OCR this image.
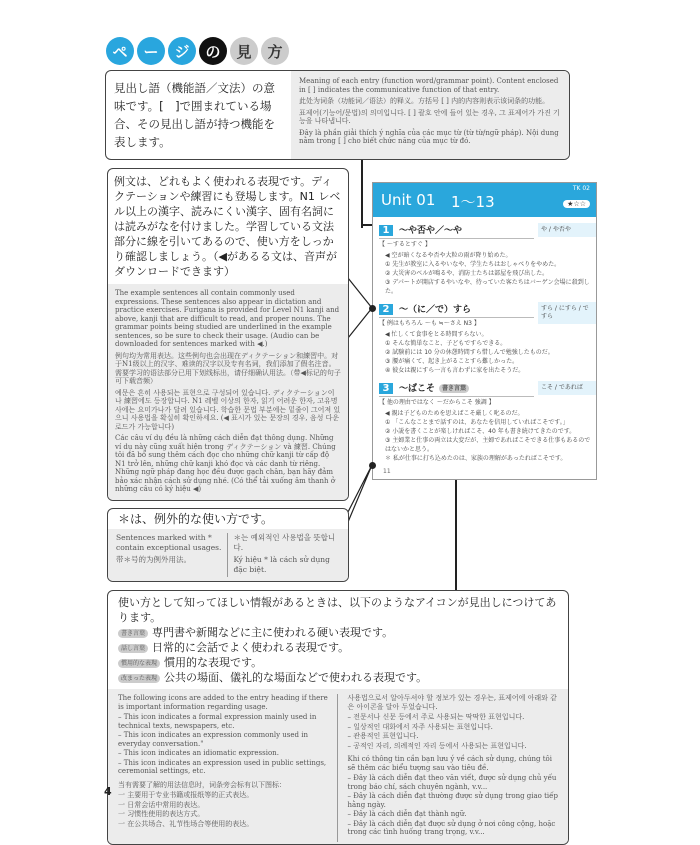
ペ	ー	ジ	の	見	方
見出し語（機能語／文法）の意味です。[　]で囲まれている場合、その見出し語が持つ機能を表します。

Meaning of each entry (function word/grammar point). Content enclosed in [ ] indicates the communicative function of that entry.

此处为词条（功能词／语法）的释义。方括号 [ ] 内的内容则表示该词条的功能。

표제어(기능어/문법)의 의미입니다. [ ] 괄호 안에 들어 있는 경우, 그 표제어가 가진 기능을 나타냅니다.

Đây là phần giải thích ý nghĩa của các mục từ (từ từ/ngữ pháp). Nội dung nằm trong [ ] cho biết chức năng của mục từ đó.

例文は、どれもよく使われる表現です。ディクテーションや練習にも登場します。N1 レベル以上の漢字、読みにくい漢字、固有名詞には読みがなを付けました。学習している文法部分に線を引いてあるので、使い方をしっかり確認しましょう。（◀があるる文は、音声がダウンロードできます）

The example sentences all contain commonly used expressions. These sentences also appear in dictation and practice exercises. Furigana is provided for Level N1 kanji and above, kanji that are difficult to read, and proper nouns. The grammar points being studied are underlined in the example sentences, so be sure to check their usage. (Audio can be downloaded for sentences marked with ◀.)

例句均为常用表达。这些例句也会出现在ディクテーション和練習中。对于N1级以上的汉字、难读的汉字以及专有名词，我们添加了假名注音。需要学习的语法部分已用下划线标出，请仔细确认用法。（带◀标记的句子可下载音频）

예문은 흔히 사용되는 표현으로 구성되어 있습니다. ディクテーション이나 練習에도 등장합니다. N1 레벨 이상의 한자, 읽기 어려운 한자, 고유명사에는 요미가나가 달려 있습니다. 학습한 문법 부분에는 밑줄이 그어져 있으니 사용법을 확실히 확인하세요. (◀ 표시가 있는 문장의 경우, 음성 다운로드가 가능합니다)

Các câu ví dụ đều là những cách diễn đạt thông dụng. Những ví dụ này cũng xuất hiện trong ディクテーション và 練習. Chúng tôi đã bổ sung thêm cách đọc cho những chữ kanji từ cấp độ N1 trở lên, những chữ kanji khó đọc và các danh từ riêng. Những ngữ pháp đang học đều được gạch chân, bạn hãy đảm bảo xác nhận cách sử dụng nhé. (Có thể tải xuống âm thanh ở những câu có ký hiệu ◀)

＊は、例外的な使い方です。

Sentences marked with * contain exceptional usages.

带＊号的为例外用法。

＊는 예외적인 사용법을 뜻합니다.

Ký hiệu * là cách sử dụng đặc biệt.

使い方として知ってほしい情報があるときは、以下のようなアイコンが見出しにつけてあります。
書き言葉 専門書や新聞などに主に使われる硬い表現です。
話し言葉 日常的に会話でよく使われる表現です。
慣用的な表現 慣用的な表現です。
改まった表現 公共の場面、儀礼的な場面などで使われる表現です。
The following icons are added to the entry heading if there is important information regarding usage.
– This icon indicates a formal expression mainly used in technical texts, newspapers, etc.
– This icon indicates an expression commonly used in everyday conversation."
– This icon indicates an idiomatic expression.
– This icon indicates an expression used in public settings, ceremonial settings, etc.
当有需要了解的用法信息时，词条旁会标有以下图标：
一 主要用于专业书籍或报纸等的正式表达。
一 日常会话中常用的表达。
一 习惯性使用的表达方式。
一 在公共场合、礼节性场合等使用的表达。
사용법으로서 알아두셔야 할 정보가 있는 경우는, 표제어에 아래와 같은 아이콘을 달아 두었습니다.
– 전문서나 신문 등에서 주로 사용되는 딱딱한 표현입니다.
– 일상적인 대화에서 자주 사용되는 표현입니다.
– 관용적인 표현입니다.
– 공적인 자리, 의례적인 자리 등에서 사용되는 표현입니다.
Khi có thông tin cần bạn lưu ý về cách sử dụng, chúng tôi sẽ thêm các biểu tượng sau vào tiêu đề.
– Đây là cách diễn đạt theo văn viết, được sử dụng chủ yếu trong báo chí, sách chuyên ngành, v.v...
– Đây là cách diễn đạt thường được sử dụng trong giao tiếp hằng ngày.
– Đây là cách diễn đạt thành ngữ.
– Đây là cách diễn đạt được sử dụng ở nơi công cộng, hoặc trong các tình huống trang trọng, v.v...
Unit 01 1〜13
TK 02
★☆☆
1 〜や否や／〜や
【 〜するとすぐ 】
や / や否や
◀ 空が暗くなるや否や大粒の雨が降り始めた。
① 先生が教室に入るやいなや、学生たちはおしゃべりをやめた。
② 大災害のベルが鳴るや、消防士たちは部屋を飛び出した。
③ デパートが開店するやいなや、待っていた客たちはバーゲン会場に殺到した。
2 〜（に／で）すら
【 例はもちろん 〜も ≒〜さえ N3 】
すら / にすら / ですら
◀ 忙しくて食事をとる時間すらない。
① そんな簡単なこと、子どもですらできる。
② 試験前には 10 分の休憩時間すら惜しんで勉強したものだ。
③ 腰が痛くて、起き上がることすら難しかった。
④ 彼女は親にすら一言も言わずに家を出たそうだ。
3 〜ばこそ 書き言葉
【 他の理由ではなく 〜だからこそ 強調 】
こそ / であれば
◀ 親は子どものためを思えばこそ厳しく叱るのだ。
① 「こんなことまで話すのは、あなたを信用していればこそです。」
② 小説を書くことが楽しければこそ、40 年も書き続けてきたのです。
③ 主婦業と仕事の両立は大変だが、主婦であればこそできる仕事もあるのではないかと思う。
＊ 私が仕事に打ち込めたのは、家族の理解があったればこそです。
11
4
